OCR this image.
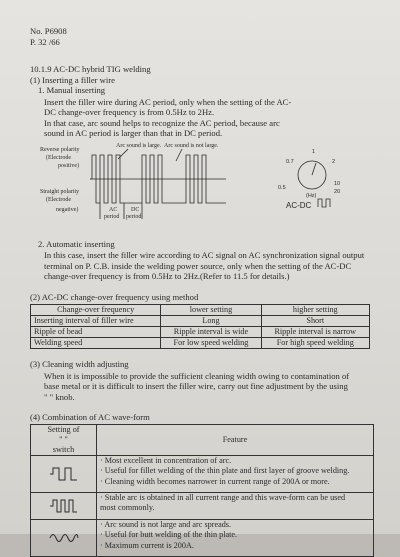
No. P6908
P. 32 /66
10.1.9 AC-DC hybrid TIG welding
(1) Inserting a filler wire
1. Manual inserting
Insert the filler wire during AC period, only when the setting of the AC-
DC change-over frequency is from 0.5Hz to 2Hz.
In that case, arc sound helps to recognize the AC period, because arc
sound in AC period is larger than that in DC period.
Arc sound is large. Arc sound is not large.
Reverse polarity
(Electrode
positive)
Straight polarity
(Electrode
negative)	AC
period
DC
period
0.7
1
2
10
0.5
(Hz)
20
AC-DC
2. Automatic inserting
In this case, insert the filler wire according to AC signal on AC synchronization signal output
terminal on P. C.B. inside the welding power source, only when the setting of the AC-DC
change-over frequency is from 0.5Hz to 2Hz.(Refer to 11.5 for details.)
(2) AC-DC change-over frequency using method
Change-over frequency	lower setting	higher setting
Inserting interval of filler wire	Long	Short
Ripple of bead	Ripple interval is wide	Ripple interval is narrow
Welding speed	For low speed welding	For high speed welding
(3) Cleaning width adjusting
When it is impossible to provide the sufficient cleaning width owing to contamination of
base metal or it is difficult to insert the filler wire, carry out fine adjustment by the using
" " knob.
(4) Combination of AC wave-form
Setting of
" "
switch	Feature

· Most excellent in concentration of arc.
· Useful for fillet welding of the thin plate and first layer of groove welding.
· Cleaning width becomes narrower in current range of 200A or more.

· Stable arc is obtained in all current range and this wave-form can be used
most commonly.

· Arc sound is not large and arc spreads.
· Useful for butt welding of the thin plate.
· Maximum current is 200A.
